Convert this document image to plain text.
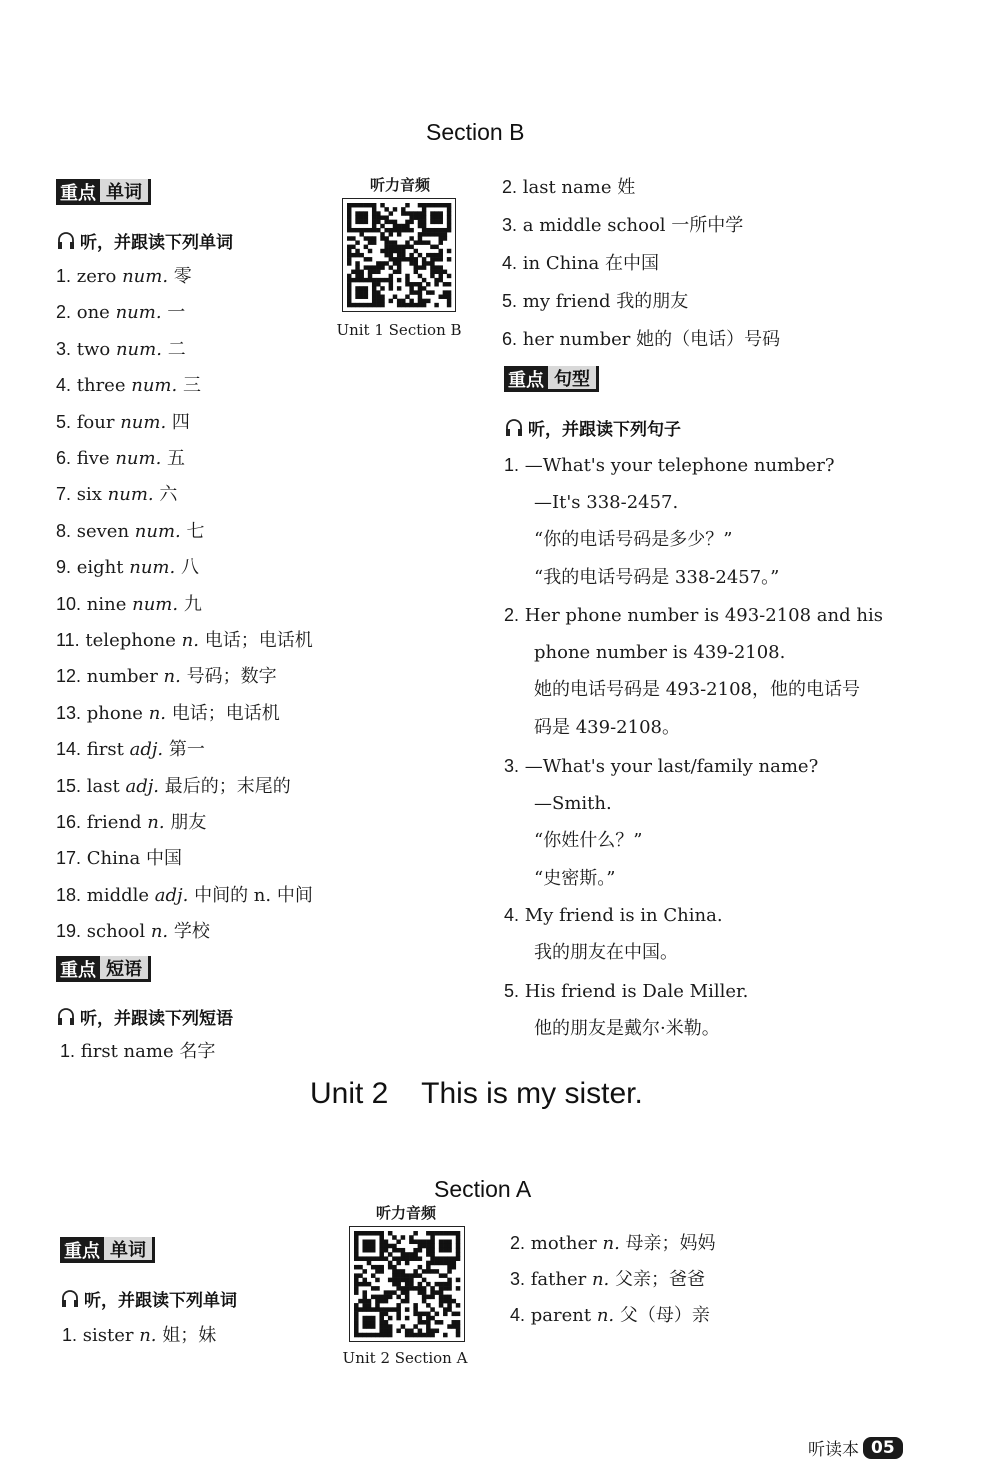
Section B
重点 单词
听，并跟读下列单词
1. zero num. 零
2. one num. 一
3. two num. 二
4. three num. 三
5. four num. 四
6. five num. 五
7. six num. 六
8. seven num. 七
9. eight num. 八
10. nine num. 九
11. telephone n. 电话；电话机
12. number n. 号码；数字
13. phone n. 电话；电话机
14. first adj. 第一
15. last adj. 最后的；末尾的
16. friend n. 朋友
17. China 中国
18. middle adj. 中间的 n. 中间
19. school n. 学校
重点 短语
听，并跟读下列短语
1. first name 名字
2. last name 姓
3. a middle school 一所中学
4. in China 在中国
5. my friend 我的朋友
6. her number 她的（电话）号码
听力音频
Unit 1 Section B
重点 句型
听，并跟读下列句子
1. —What's your telephone number?
—It's 338-2457.
“你的电话号码是多少？”
“我的电话号码是 338-2457。”
2. Her phone number is 493-2108 and his
phone number is 439-2108.
她的电话号码是 493-2108，他的电话号
码是 439-2108。
3. —What's your last/family name?
—Smith.
“你姓什么？”
“史密斯。”
4. My friend is in China.
我的朋友在中国。
5. His friend is Dale Miller.
他的朋友是戴尔·米勒。
Unit 2    This is my sister.
Section A
重点 单词
听，并跟读下列单词
听力音频
Unit 2 Section A
1. sister n. 姐；妹
2. mother n. 母亲；妈妈
3. father n. 父亲；爸爸
4. parent n. 父（母）亲
听读本 05
